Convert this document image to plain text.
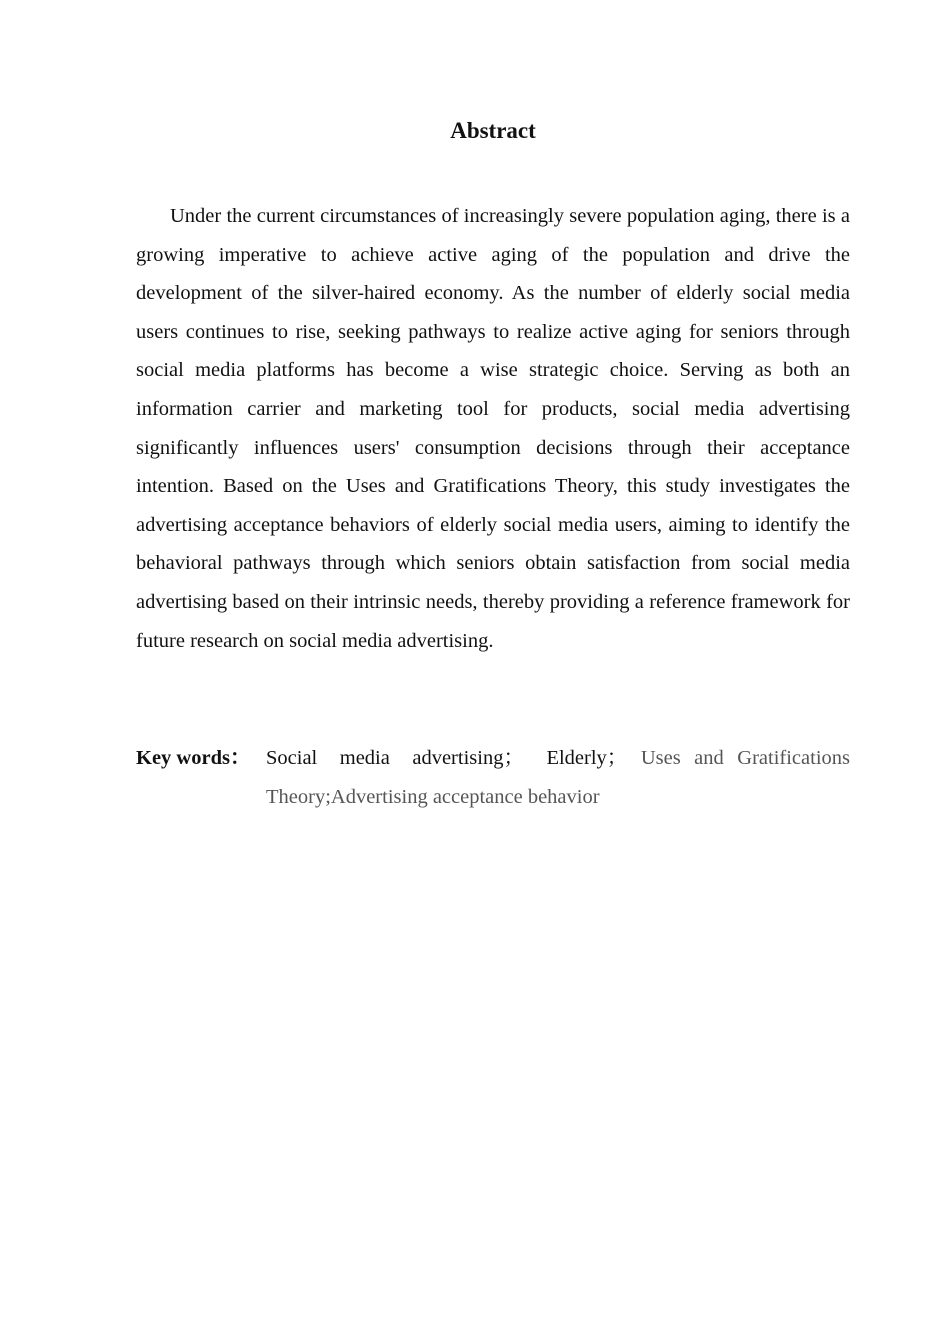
Abstract

Under the current circumstances of increasingly severe population aging, there is a growing imperative to achieve active aging of the population and drive the development of the silver-haired economy. As the number of elderly social media users continues to rise, seeking pathways to realize active aging for seniors through social media platforms has become a wise strategic choice. Serving as both an information carrier and marketing tool for products, social media advertising significantly influences users' consumption decisions through their acceptance intention. Based on the Uses and Gratifications Theory, this study investigates the advertising acceptance behaviors of elderly social media users, aiming to identify the behavioral pathways through which seniors obtain satisfaction from social media advertising based on their intrinsic needs, thereby providing a reference framework for future research on social media advertising.

Key words： Social media advertising； Elderly； Uses and Gratifications Theory;Advertising acceptance behavior
